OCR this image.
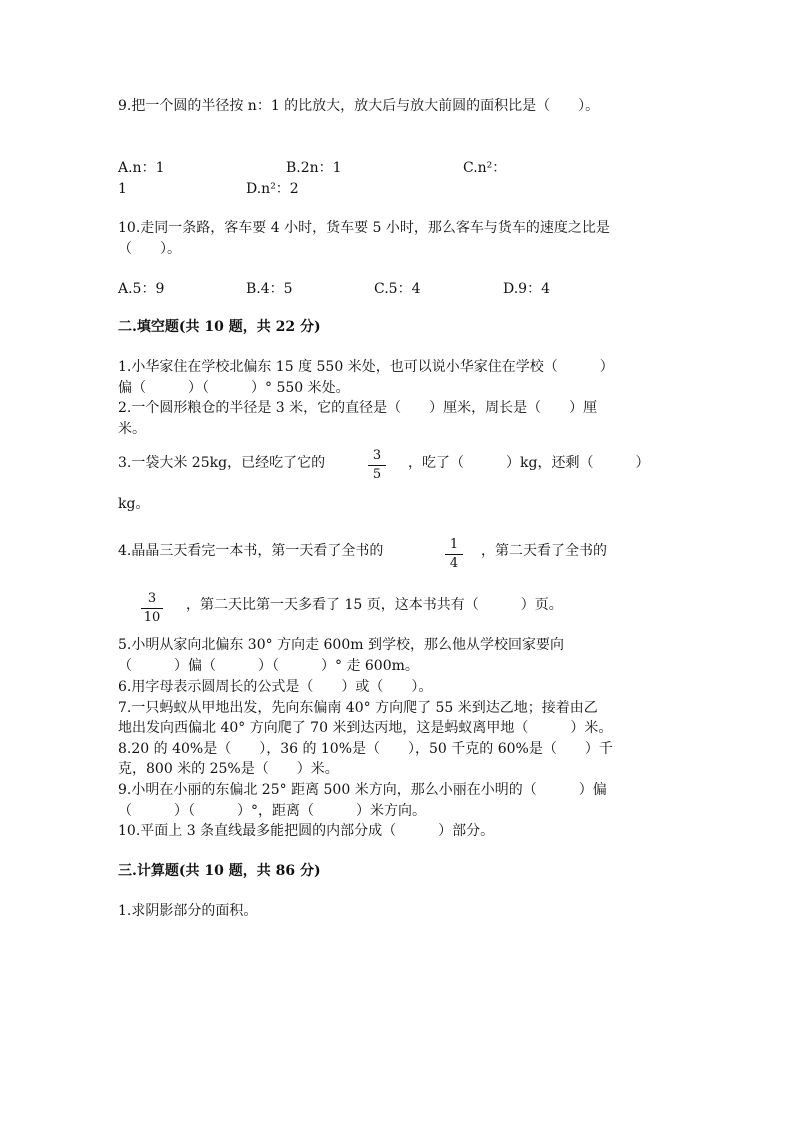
9.把一个圆的半径按 n：1 的比放大，放大后与放大前圆的面积比是（　　）。
A.n：1	B.2n：1	C.n²：
1	D.n²：2
10.走同一条路，客车要 4 小时，货车要 5 小时，那么客车与货车的速度之比是
（　　）。
A.5：9	B.4：5	C.5：4	D.9：4
二.填空题(共 10 题，共 22 分)
1.小华家住在学校北偏东 15 度 550 米处，也可以说小华家住在学校（　　　）
偏（　　　）（　　　）° 550 米处。
2.一个圆形粮仓的半径是 3 米，它的直径是（　　）厘米，周长是（　　）厘
米。
3.一袋大米 25kg，已经吃了它的	3
5
，吃了（　　　）kg，还剩（　　　）
kg。
4.晶晶三天看完一本书，第一天看了全书的	1
4
，第二天看了全书的
3
10
，第二天比第一天多看了 15 页，这本书共有（　　　）页。
5.小明从家向北偏东 30° 方向走 600m 到学校，那么他从学校回家要向
（　　　）偏（　　　）（　　　）° 走 600m。
6.用字母表示圆周长的公式是（　　）或（　　）。
7.一只蚂蚁从甲地出发，先向东偏南 40° 方向爬了 55 米到达乙地；接着由乙
地出发向西偏北 40° 方向爬了 70 米到达丙地，这是蚂蚁离甲地（　　　）米。
8.20 的 40%是（　　），36 的 10%是（　　），50 千克的 60%是（　　）千
克，800 米的 25%是（　　）米。
9.小明在小丽的东偏北 25° 距离 500 米方向，那么小丽在小明的（　　　）偏
（　　　）（　　　）°，距离（　　　）米方向。
10.平面上 3 条直线最多能把圆的内部分成（　　　）部分。
三.计算题(共 10 题，共 86 分)
1.求阴影部分的面积。
